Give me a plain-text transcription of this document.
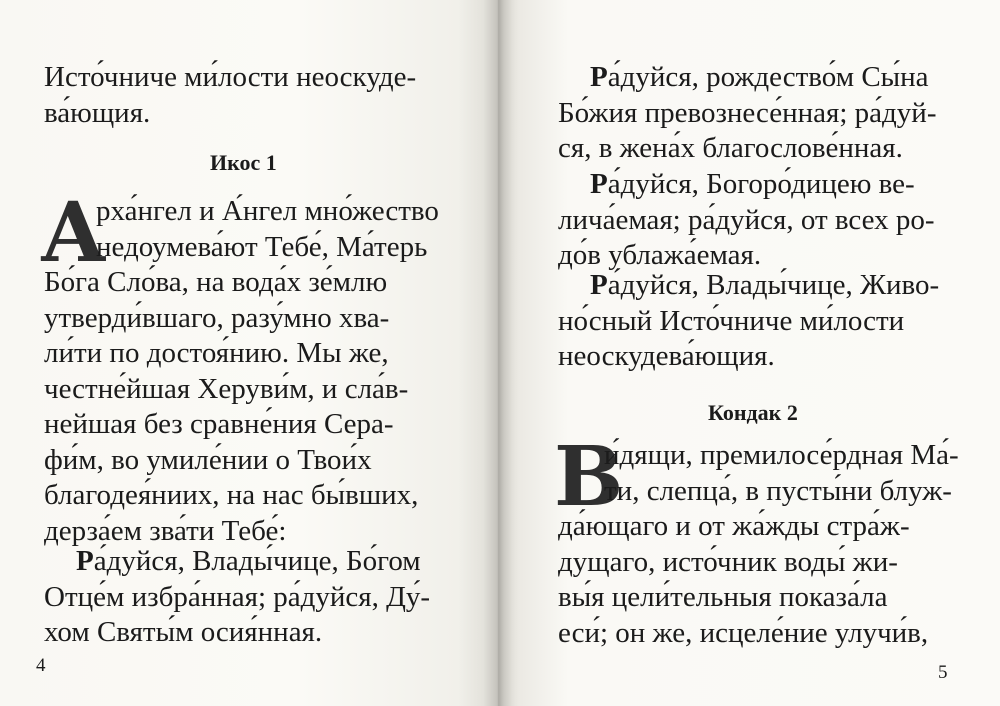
Исто́чниче ми́лости неоскуде-
ва́ющия.
Икос 1
А
рха́нгел и А́нгел мно́жество
недоумева́ют Тебе́, Ма́терь
Бо́га Сло́ва, на вода́х зе́млю
утверди́вшаго, разу́мно хва-
ли́ти по достоя́нию. Мы же,
честне́йшая Херуви́м, и сла́в-
нейшая без сравне́ния Сера-
фи́м, во умиле́нии о Твои́х
благодея́ниих, на нас бы́вших,
дерза́ем зва́ти Тебе́:
Ра́дуйся, Влады́чице, Бо́гом
Отце́м избра́нная; ра́дуйся, Ду́-
хом Святы́м осия́нная.
4
Ра́дуйся, рождество́м Сы́на
Бо́жия превознесе́нная; ра́дуй-
ся, в жена́х благослове́нная.
Ра́дуйся, Богоро́дицею ве-
лича́емая; ра́дуйся, от всех ро-
до́в ублажа́емая.
Ра́дуйся, Влады́чице, Живо-
но́сный Исто́чниче ми́лости
неоскудева́ющия.
Кондак 2
В
и́дящи, премилосе́рдная Ма́-
ти, слепца́, в пусты́ни блуж-
да́ющаго и от жа́жды стра́ж-
дущаго, исто́чник воды́ жи-
вы́я цели́тельныя показа́ла
еси́; он же, исцеле́ние улучи́в,
5
